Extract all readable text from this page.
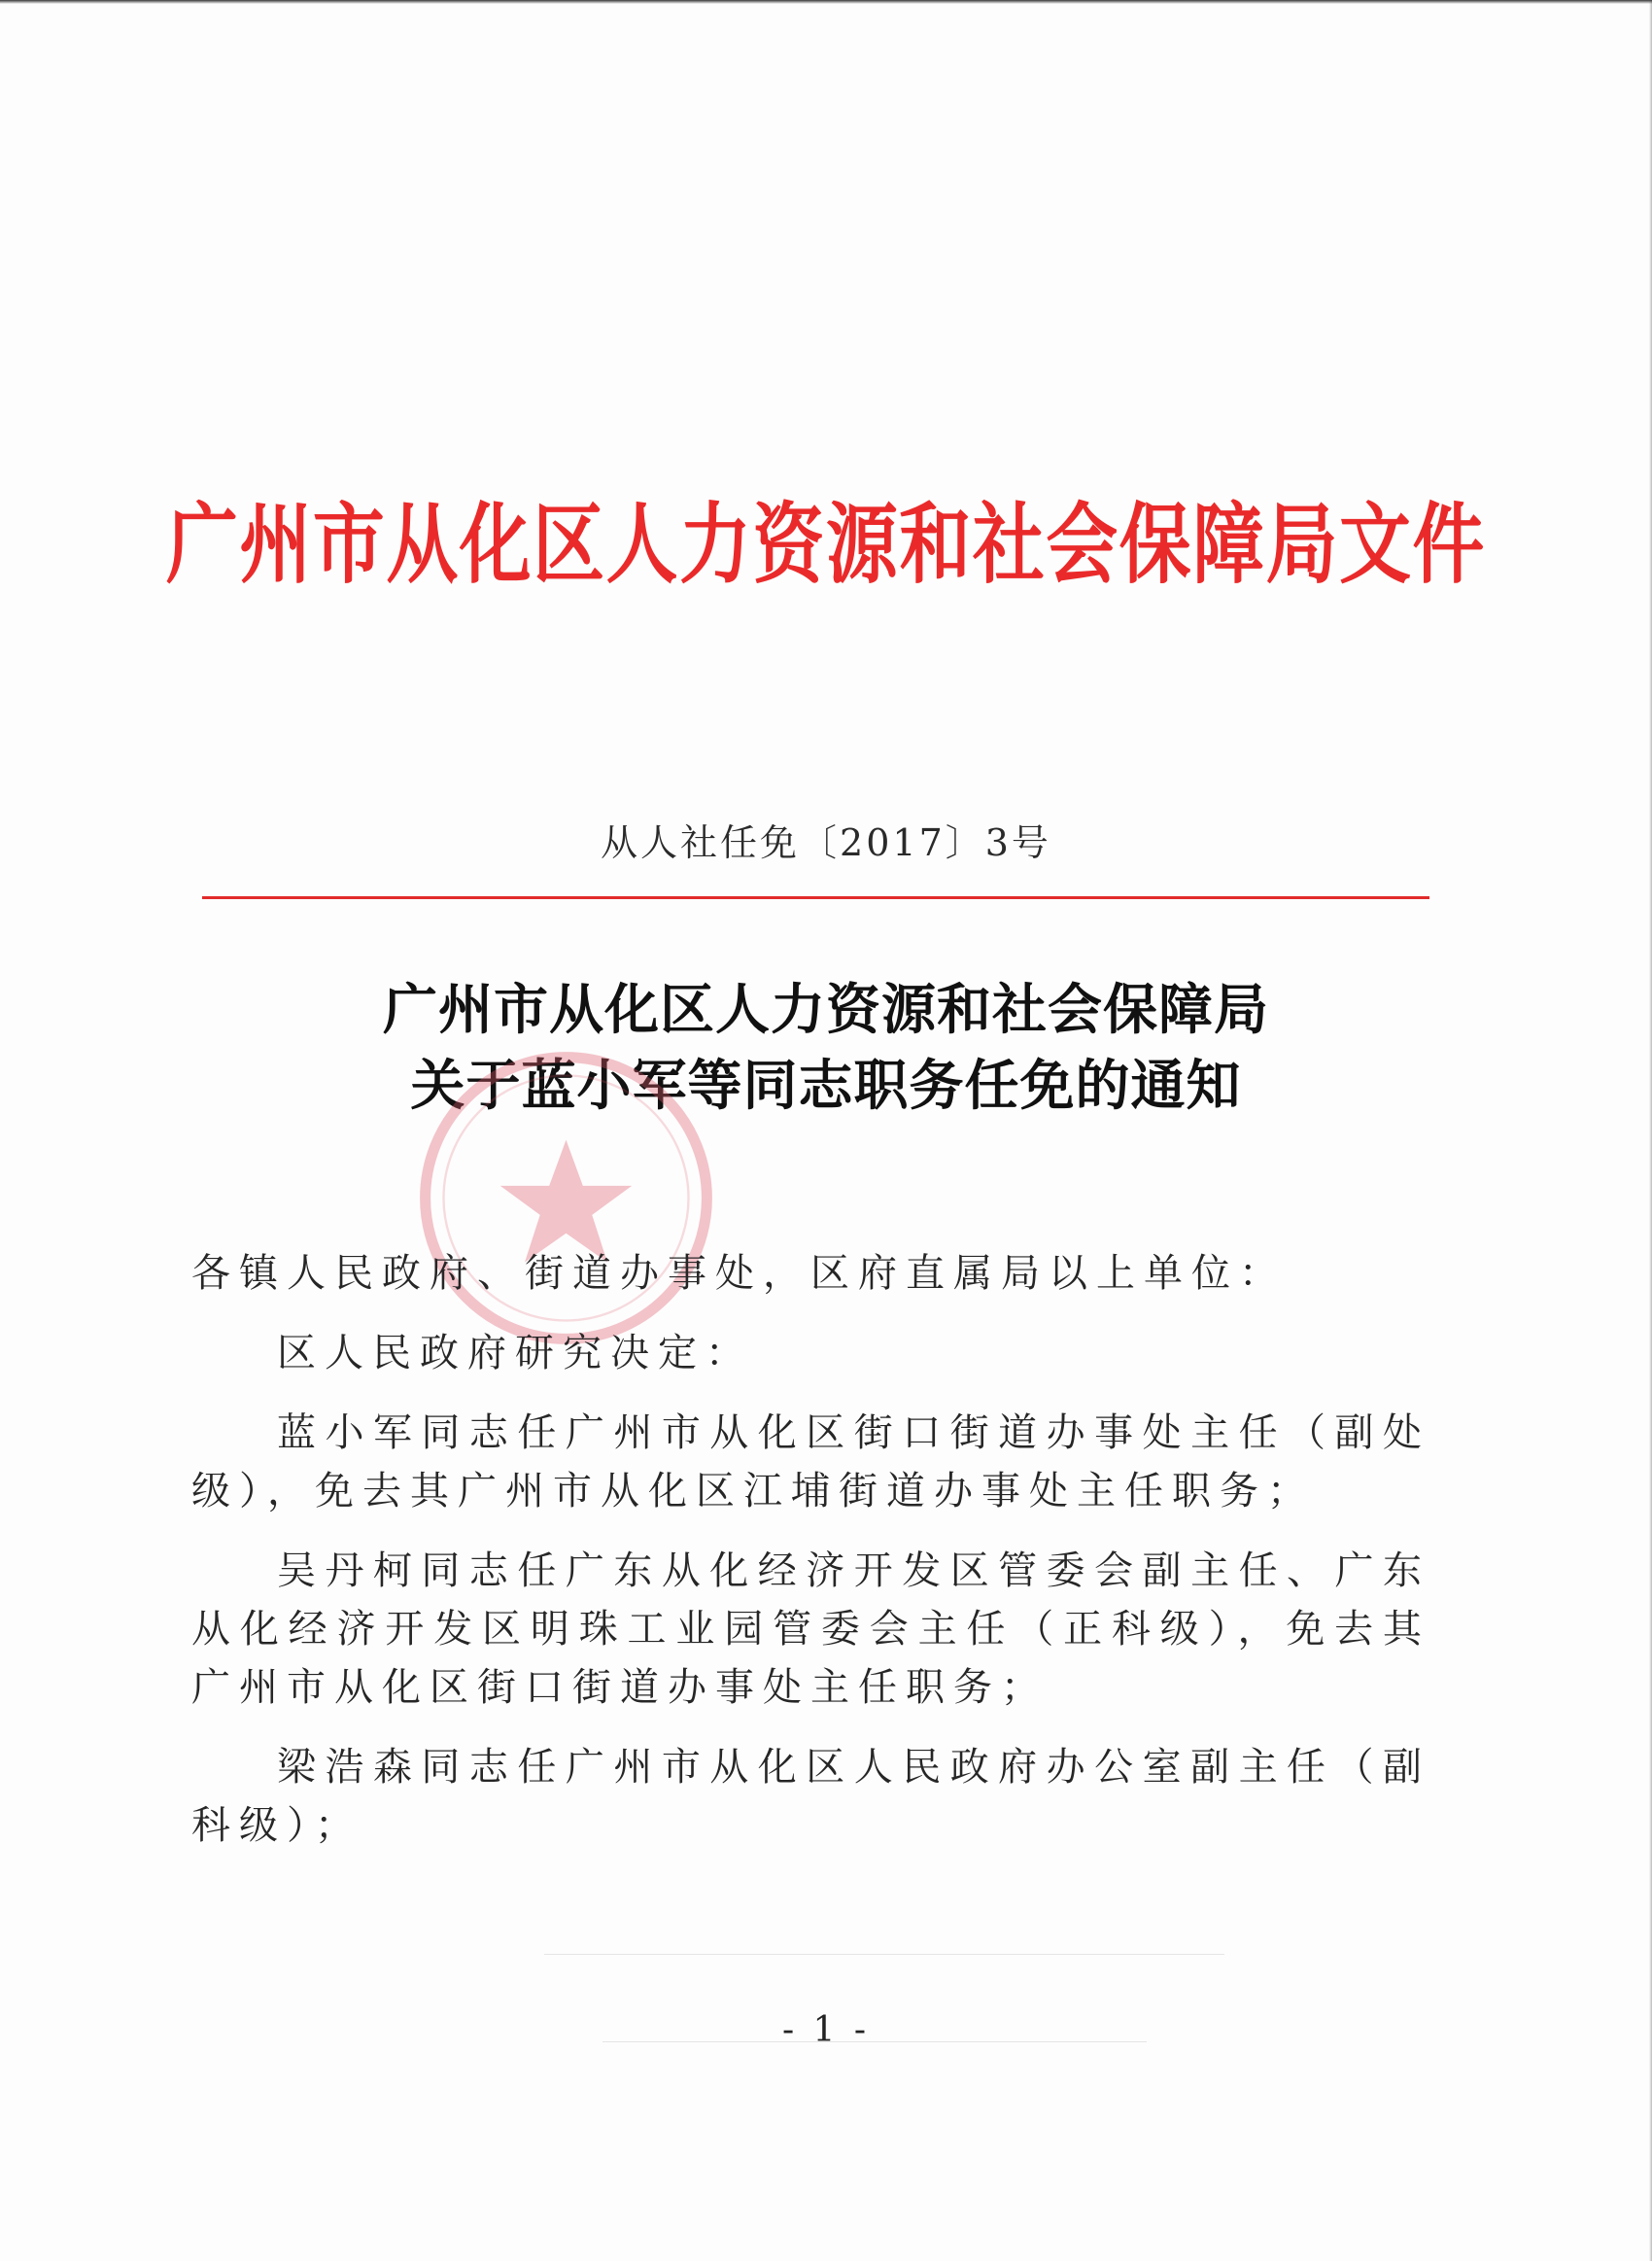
广州市从化区人力资源和社会保障局文件
从人社任免〔2017〕3号
广州市从化区人力资源和社会保障局
关于蓝小军等同志职务任免的通知

各镇人民政府、街道办事处，区府直属局以上单位：

区人民政府研究决定：

蓝小军同志任广州市从化区街口街道办事处主任（副处级），免去其广州市从化区江埔街道办事处主任职务；

吴丹柯同志任广东从化经济开发区管委会副主任、广东从化经济开发区明珠工业园管委会主任（正科级），免去其广州市从化区街口街道办事处主任职务；

梁浩森同志任广州市从化区人民政府办公室副主任（副科级）；

- 1 -
